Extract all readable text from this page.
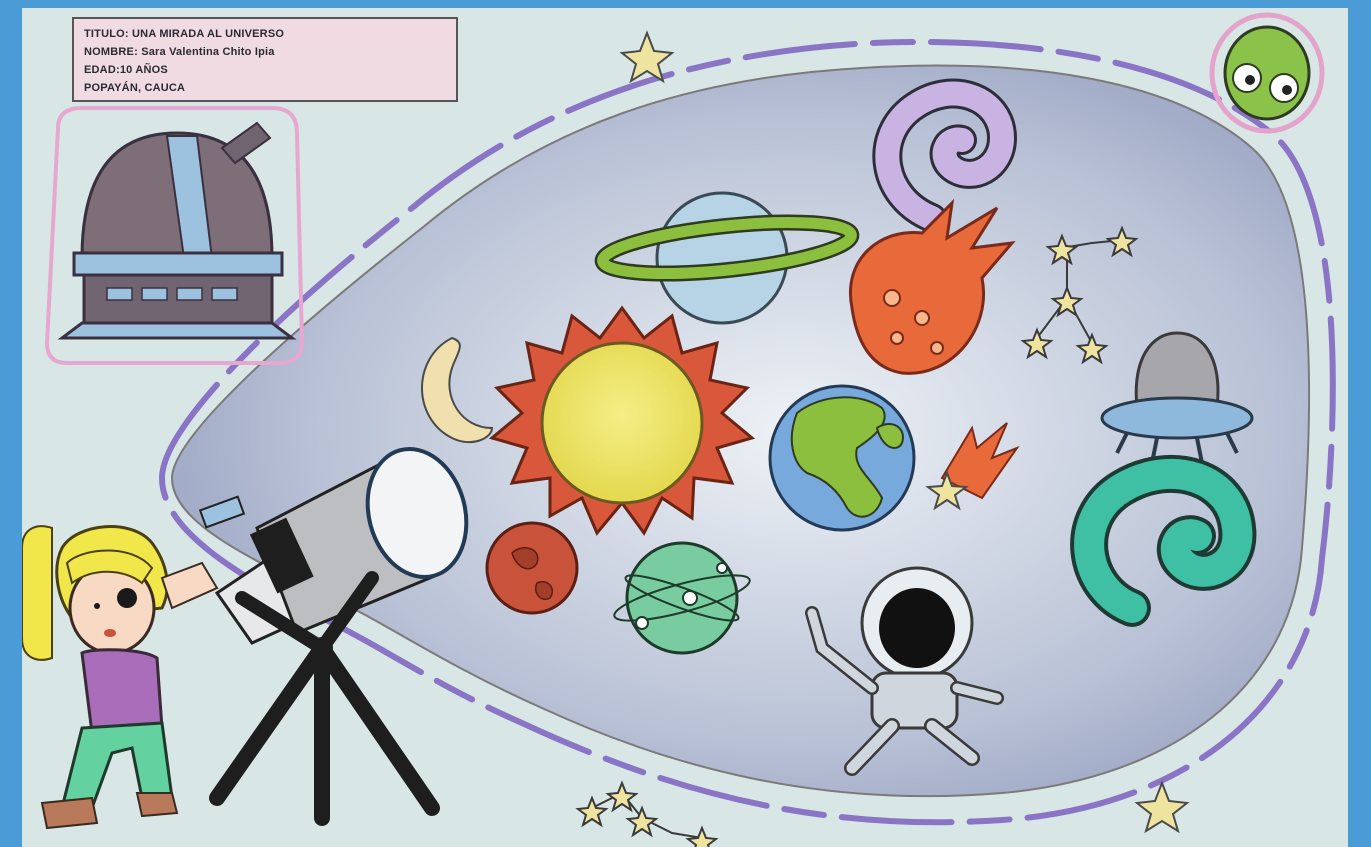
TITULO: UNA MIRADA AL UNIVERSO
NOMBRE: Sara Valentina Chito Ipia
EDAD:10 AÑOS
POPAYÁN, CAUCA
